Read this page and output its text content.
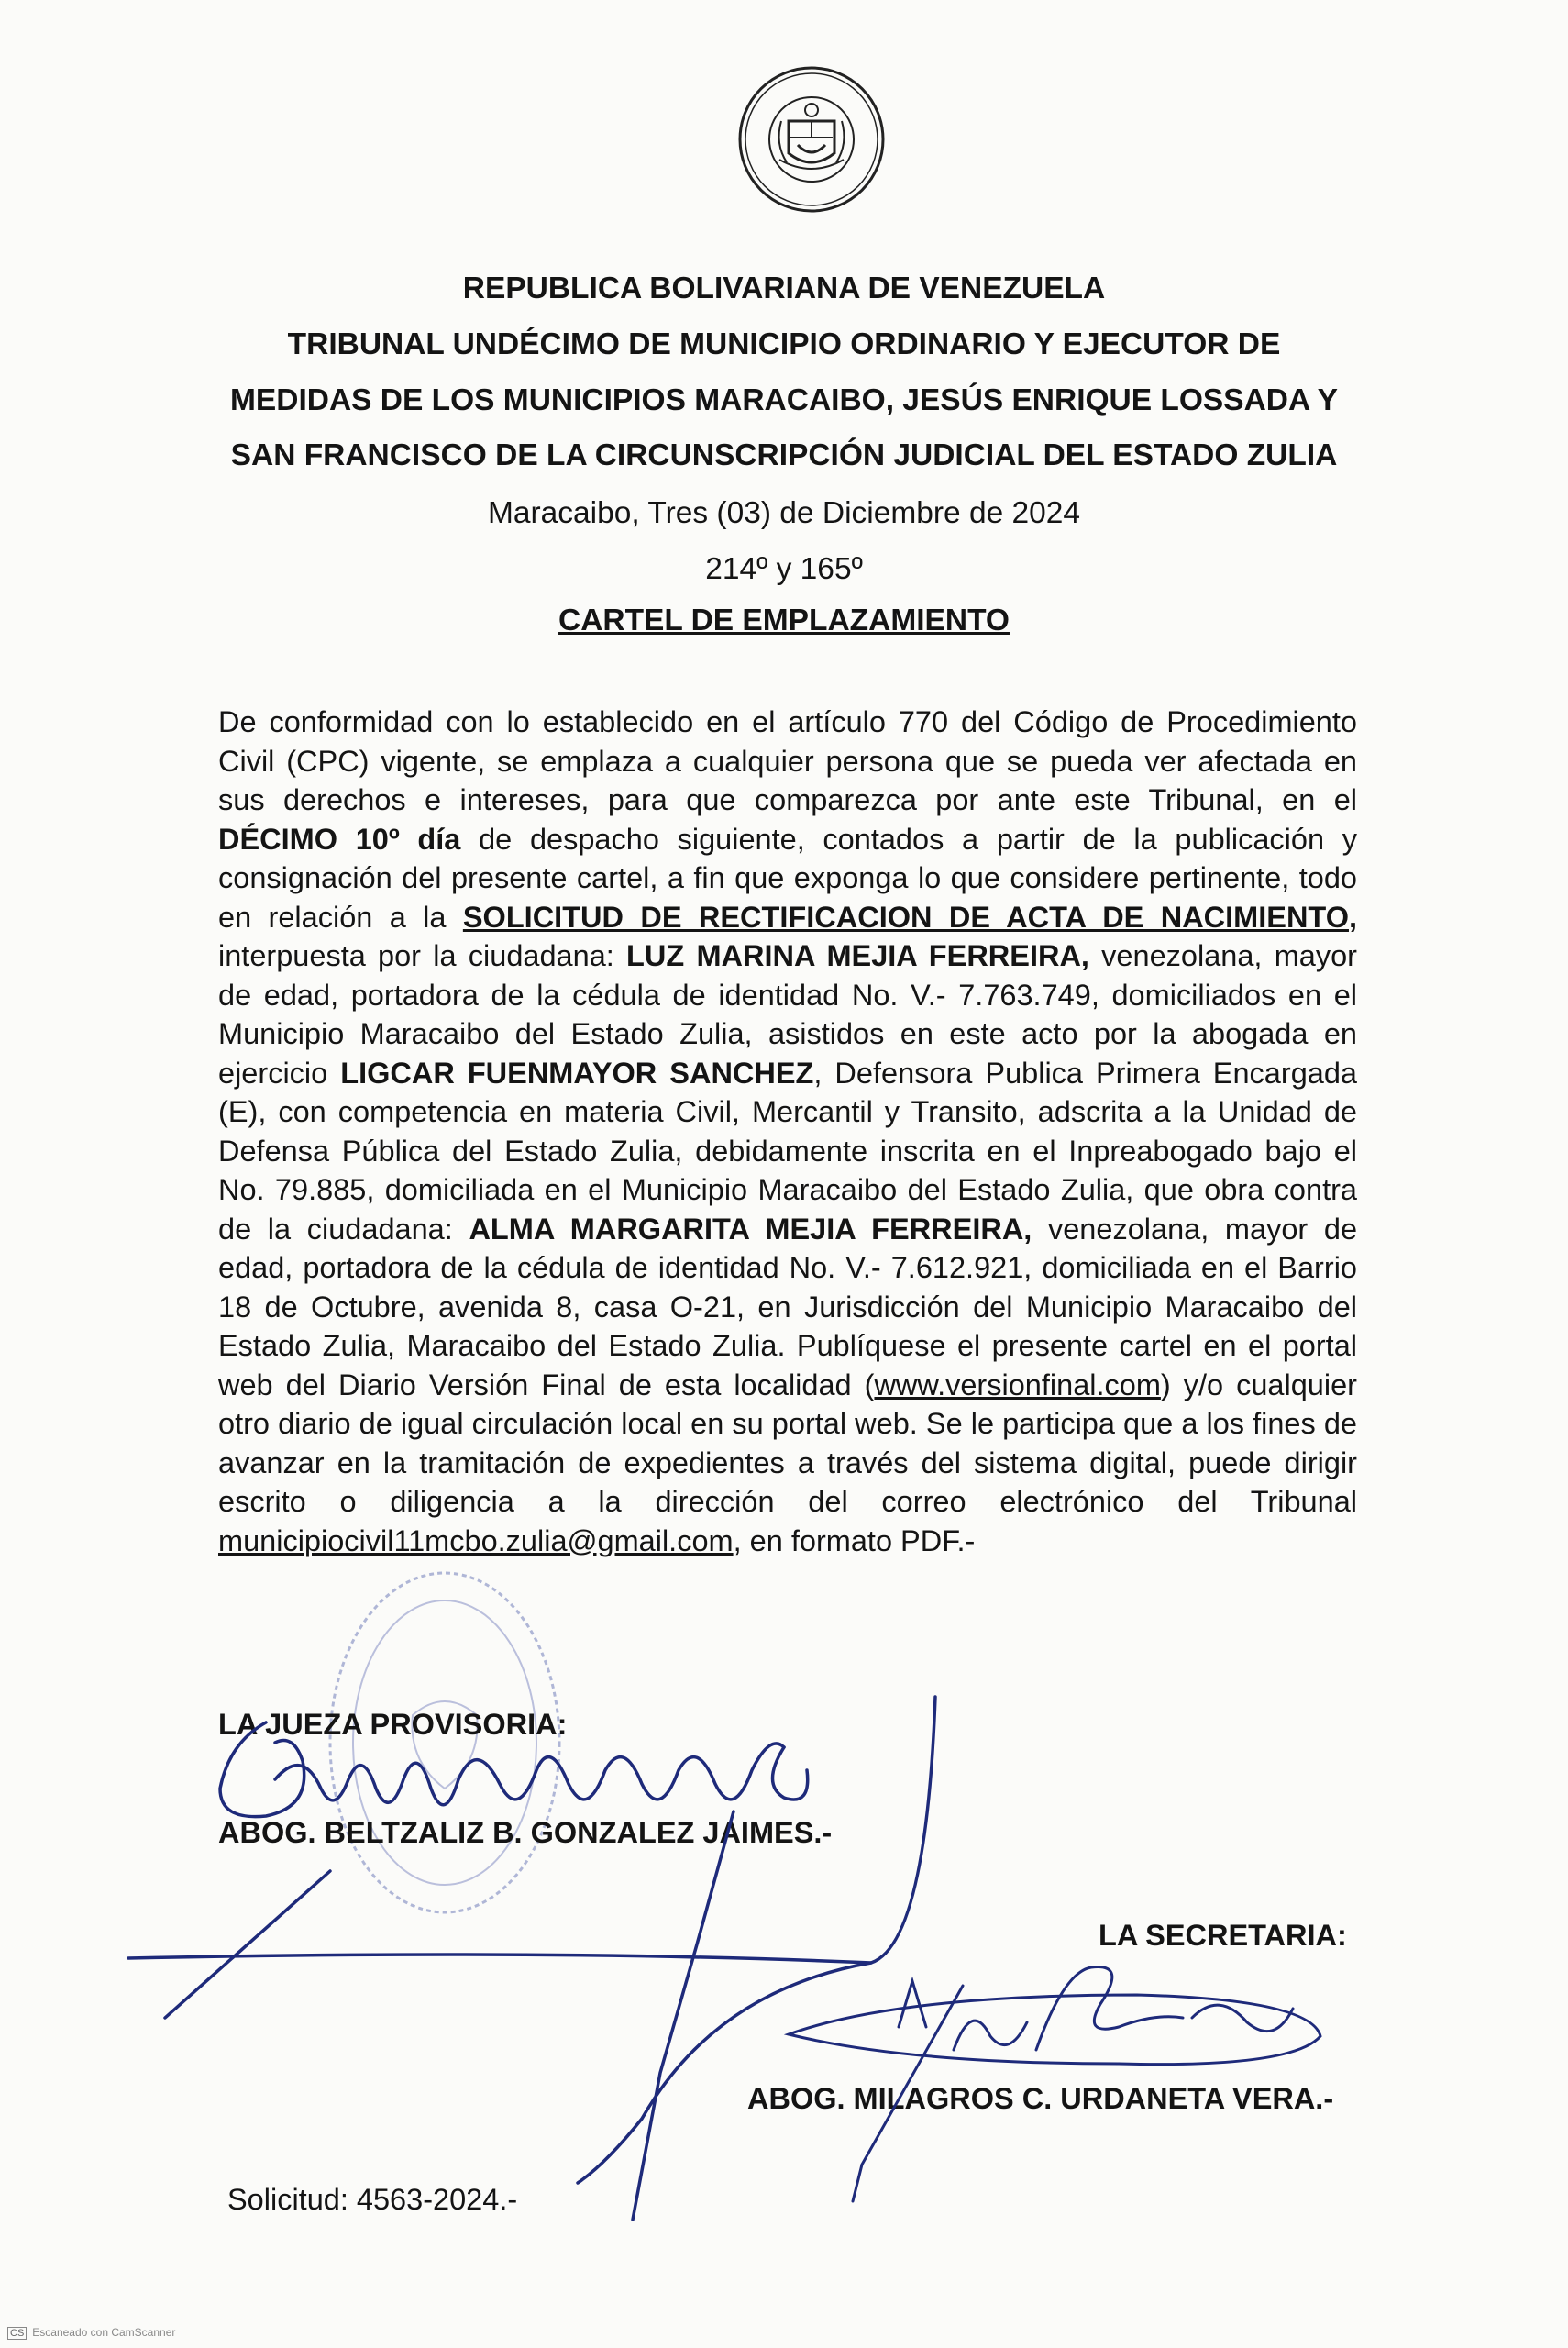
REPUBLICA BOLIVARIANA DE VENEZUELA
TRIBUNAL UNDÉCIMO DE MUNICIPIO ORDINARIO Y EJECUTOR DE
MEDIDAS DE LOS MUNICIPIOS MARACAIBO, JESÚS ENRIQUE LOSSADA Y
SAN FRANCISCO DE LA CIRCUNSCRIPCIÓN JUDICIAL DEL ESTADO ZULIA
Maracaibo, Tres (03) de Diciembre de 2024
214º y 165º
CARTEL DE EMPLAZAMIENTO
De conformidad con lo establecido en el artículo 770 del Código de Procedimiento Civil (CPC) vigente, se emplaza a cualquier persona que se pueda ver afectada en sus derechos e intereses, para que comparezca por ante este Tribunal, en el DÉCIMO 10º día de despacho siguiente, contados a partir de la publicación y consignación del presente cartel, a fin que exponga lo que considere pertinente, todo en relación a la SOLICITUD DE RECTIFICACION DE ACTA DE NACIMIENTO, interpuesta por la ciudadana: LUZ MARINA MEJIA FERREIRA, venezolana, mayor de edad, portadora de la cédula de identidad No. V.- 7.763.749, domiciliados en el Municipio Maracaibo del Estado Zulia, asistidos en este acto por la abogada en ejercicio LIGCAR FUENMAYOR SANCHEZ, Defensora Publica Primera Encargada (E), con competencia en materia Civil, Mercantil y Transito, adscrita a la Unidad de Defensa Pública del Estado Zulia, debidamente inscrita en el Inpreabogado bajo el No. 79.885, domiciliada en el Municipio Maracaibo del Estado Zulia, que obra contra de la ciudadana: ALMA MARGARITA MEJIA FERREIRA, venezolana, mayor de edad, portadora de la cédula de identidad No. V.- 7.612.921, domiciliada en el Barrio 18 de Octubre, avenida 8, casa O-21, en Jurisdicción del Municipio Maracaibo del Estado Zulia, Maracaibo del Estado Zulia. Publíquese el presente cartel en el portal web del Diario Versión Final de esta localidad (www.versionfinal.com) y/o cualquier otro diario de igual circulación local en su portal web. Se le participa que a los fines de avanzar en la tramitación de expedientes a través del sistema digital, puede dirigir escrito o diligencia a la dirección del correo electrónico del Tribunal municipiocivil11mcbo.zulia@gmail.com, en formato PDF.-
LA JUEZA PROVISORIA:
ABOG. BELTZALIZ B. GONZALEZ JAIMES.-
LA SECRETARIA:
ABOG. MILAGROS C. URDANETA VERA.-
Solicitud: 4563-2024.-
CS Escaneado con CamScanner
